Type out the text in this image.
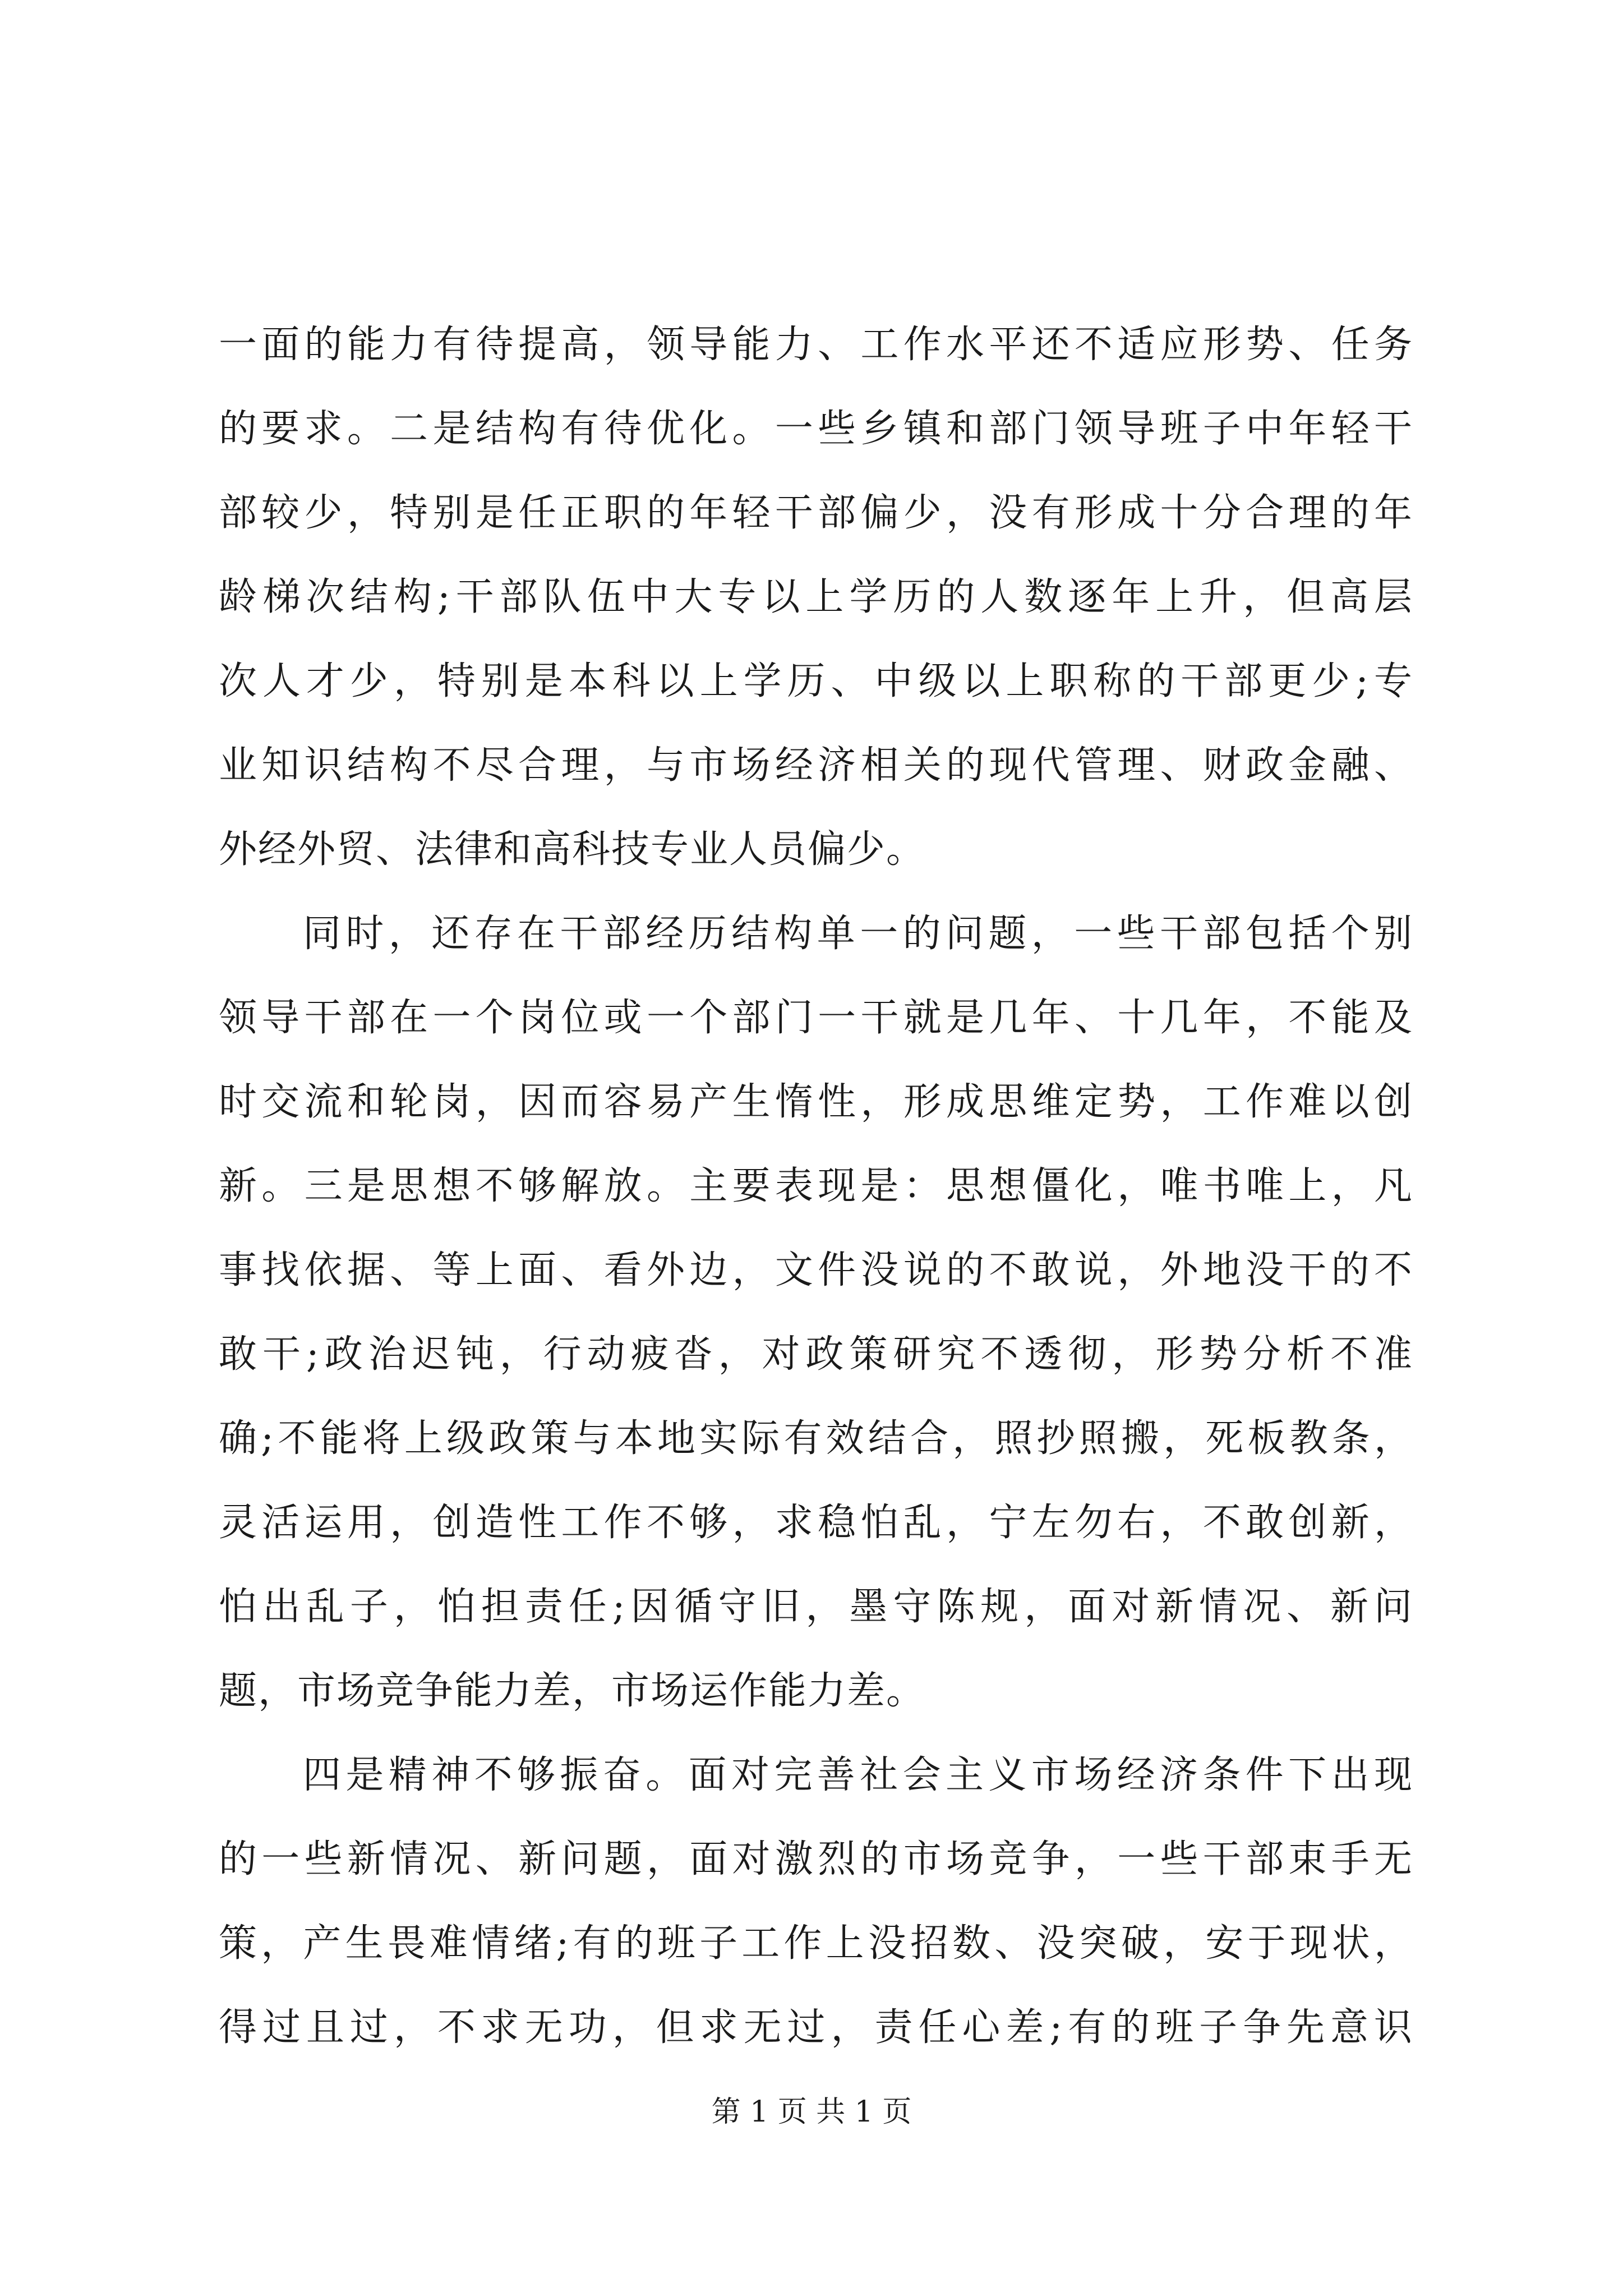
一面的能力有待提高，领导能力、工作水平还不适应形势、任务
的要求。二是结构有待优化。一些乡镇和部门领导班子中年轻干
部较少，特别是任正职的年轻干部偏少，没有形成十分合理的年
龄梯次结构;干部队伍中大专以上学历的人数逐年上升，但高层
次人才少，特别是本科以上学历、中级以上职称的干部更少;专
业知识结构不尽合理，与市场经济相关的现代管理、财政金融、
外经外贸、法律和高科技专业人员偏少。
同时，还存在干部经历结构单一的问题，一些干部包括个别
领导干部在一个岗位或一个部门一干就是几年、十几年，不能及
时交流和轮岗，因而容易产生惰性，形成思维定势，工作难以创
新。三是思想不够解放。主要表现是：思想僵化，唯书唯上，凡
事找依据、等上面、看外边，文件没说的不敢说，外地没干的不
敢干;政治迟钝，行动疲沓，对政策研究不透彻，形势分析不准
确;不能将上级政策与本地实际有效结合，照抄照搬，死板教条，
灵活运用，创造性工作不够，求稳怕乱，宁左勿右，不敢创新，
怕出乱子，怕担责任;因循守旧，墨守陈规，面对新情况、新问
题，市场竞争能力差，市场运作能力差。
四是精神不够振奋。面对完善社会主义市场经济条件下出现
的一些新情况、新问题，面对激烈的市场竞争，一些干部束手无
策，产生畏难情绪;有的班子工作上没招数、没突破，安于现状，
得过且过，不求无功，但求无过，责任心差;有的班子争先意识
第 1 页 共 1 页
